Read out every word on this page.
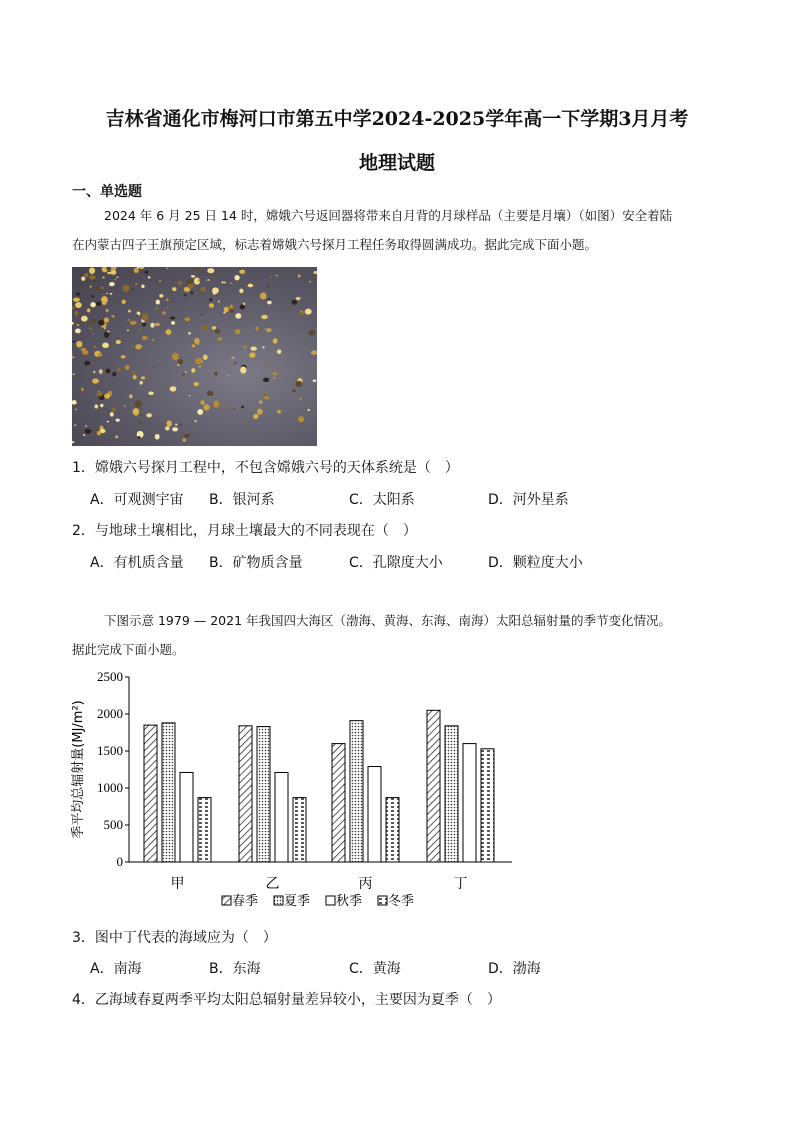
吉林省通化市梅河口市第五中学2024-2025学年高一下学期3月月考
地理试题
一、单选题
2024 年 6 月 25 日 14 时，嫦娥六号返回器将带来自月背的月球样品（主要是月壤）（如图）安全着陆
在内蒙古四子王旗预定区域，标志着嫦娥六号探月工程任务取得圆满成功。据此完成下面小题。
1．嫦娥六号探月工程中，不包含嫦娥六号的天体系统是（　）
A．可观测宇宙 B．银河系	C．太阳系	D．河外星系
2．与地球土壤相比，月球土壤最大的不同表现在（　）
A．有机质含量 B．矿物质含量	C．孔隙度大小	D．颗粒度大小
下图示意 1979 — 2021 年我国四大海区（渤海、黄海、东海、南海）太阳总辐射量的季节变化情况。
据此完成下面小题。
0
500
1000
1500
2000
2500
季平均总辐射量(MJ/m²)
甲	乙	丙	丁
春季 夏季 秋季 冬季
3．图中丁代表的海域应为（　）
A．南海	B．东海	C．黄海	D．渤海
4．乙海域春夏两季平均太阳总辐射量差异较小，主要因为夏季（　）
